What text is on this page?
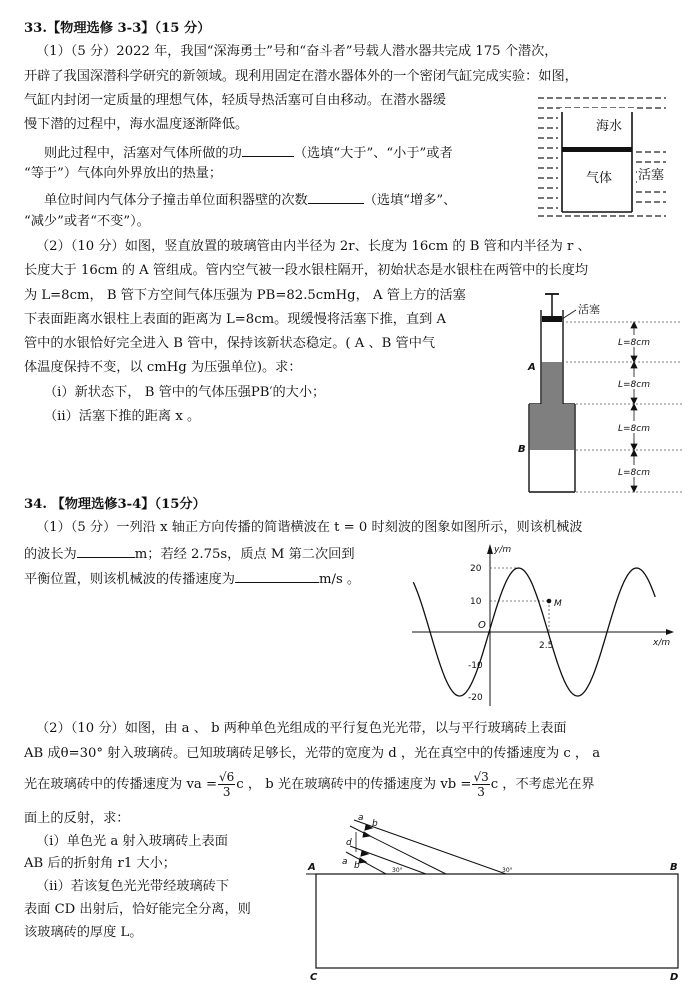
33.【物理选修 3-3】（15 分）
（1）（5 分）2022 年，我国“深海勇士”号和“奋斗者”号载人潜水器共完成 175 个潜次，
开辟了我国深潜科学研究的新领域。现利用固定在潜水器体外的一个密闭气缸完成实验：如图，
气缸内封闭一定质量的理想气体，轻质导热活塞可自由移动。在潜水器缓
慢下潜的过程中，海水温度逐渐降低。
则此过程中，活塞对气体所做的功	（选填“大于”、“小于”或者
“等于”）气体向外界放出的热量；
单位时间内气体分子撞击单位面积器壁的次数	（选填“增多”、
“减少”或者“不变”）。
（2）（10 分）如图，竖直放置的玻璃管由内半径为 2r、长度为 16cm 的 B 管和内半径为 r 、
长度大于 16cm 的 A 管组成。管内空气被一段水银柱隔开，初始状态是水银柱在两管中的长度均
为 L=8cm， B 管下方空间气体压强为 PB=82.5cmHg， A 管上方的活塞
下表面距离水银柱上表面的距离为 L=8cm。现缓慢将活塞下推，直到 A
管中的水银恰好完全进入 B 管中，保持该新状态稳定。( A 、B 管中气
体温度保持不变，以 cmHg 为压强单位)。求：
（i）新状态下， B 管中的气体压强PB′的大小；
（ii）活塞下推的距离 x 。
海水
气体 活塞
活塞
L=8cm
L=8cm
L=8cm
L=8cm
A
B
34. 【物理选修3-4】（15分）
（1）（5 分）一列沿 x 轴正方向传播的简谐横波在 t = 0 时刻波的图象如图所示，则该机械波
的波长为	m；若经 2.75s，质点 M 第二次回到
平衡位置，则该机械波的传播速度为	m/s 。
y/m
x/m
O
20
10
-10
-20
2.5
M
（2）（10 分）如图，由 a 、 b 两种单色光组成的平行复色光光带，以与平行玻璃砖上表面
AB 成θ=30° 射入玻璃砖。已知玻璃砖足够长，光带的宽度为 d ，光在真空中的传播速度为 c ， a
光在玻璃砖中的传播速度为 va = $\frac{√6}{3}$ c ， b 光在玻璃砖中的传播速度为 vb = $\frac{√3}{3}$ c ，不考虑光在界
面上的反射，求：
（i）单色光 a 射入玻璃砖上表面
AB 后的折射角 r1 大小；
（ii）若该复色光光带经玻璃砖下
表面 CD 出射后，恰好能完全分离，则
该玻璃砖的厚度 L。
a
b
d
a b	30°	30°
A	B
C	D
